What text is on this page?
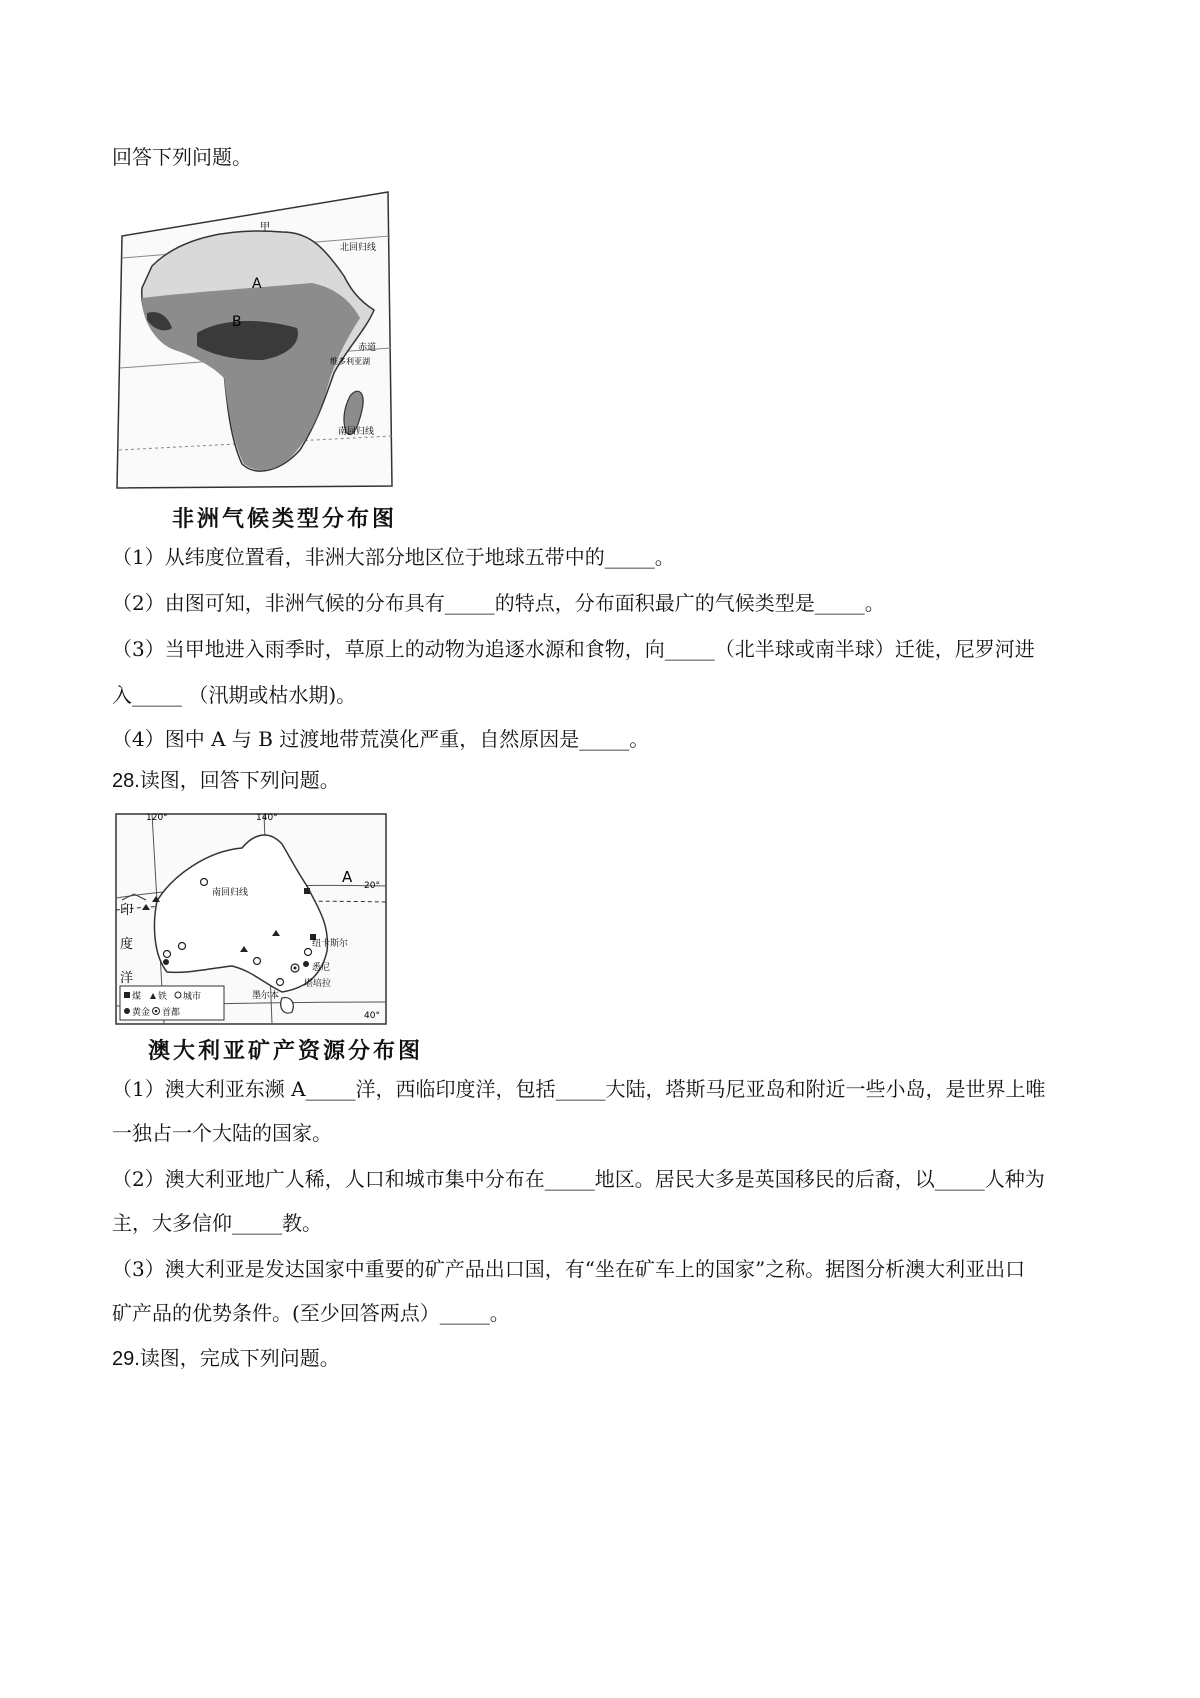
回答下列问题。
A
B
甲
北回归线
赤道
维多利亚湖
南回归线
非洲气候类型分布图
（1）从纬度位置看，非洲大部分地区位于地球五带中的_____。
（2）由图可知，非洲气候的分布具有_____的特点，分布面积最广的气候类型是_____。
（3）当甲地进入雨季时，草原上的动物为追逐水源和食物，向_____（北半球或南半球）迁徙，尼罗河进
入_____ （汛期或枯水期)。
（4）图中 A 与 B 过渡地带荒漠化严重，自然原因是_____。
28.读图，回答下列问题。
120°	140°
20°
40°
A
南回归线
印
度
洋
纽卡斯尔
悉尼
堪培拉
墨尔本
煤 铁 城市
黄金 首都
澳大利亚矿产资源分布图
（1）澳大利亚东濒 A_____洋，西临印度洋，包括_____大陆，塔斯马尼亚岛和附近一些小岛，是世界上唯
一独占一个大陆的国家。
（2）澳大利亚地广人稀，人口和城市集中分布在_____地区。居民大多是英国移民的后裔，以_____人种为
主，大多信仰_____教。
（3）澳大利亚是发达国家中重要的矿产品出口国，有“坐在矿车上的国家”之称。据图分析澳大利亚出口
矿产品的优势条件。(至少回答两点）_____。
29.读图，完成下列问题。
